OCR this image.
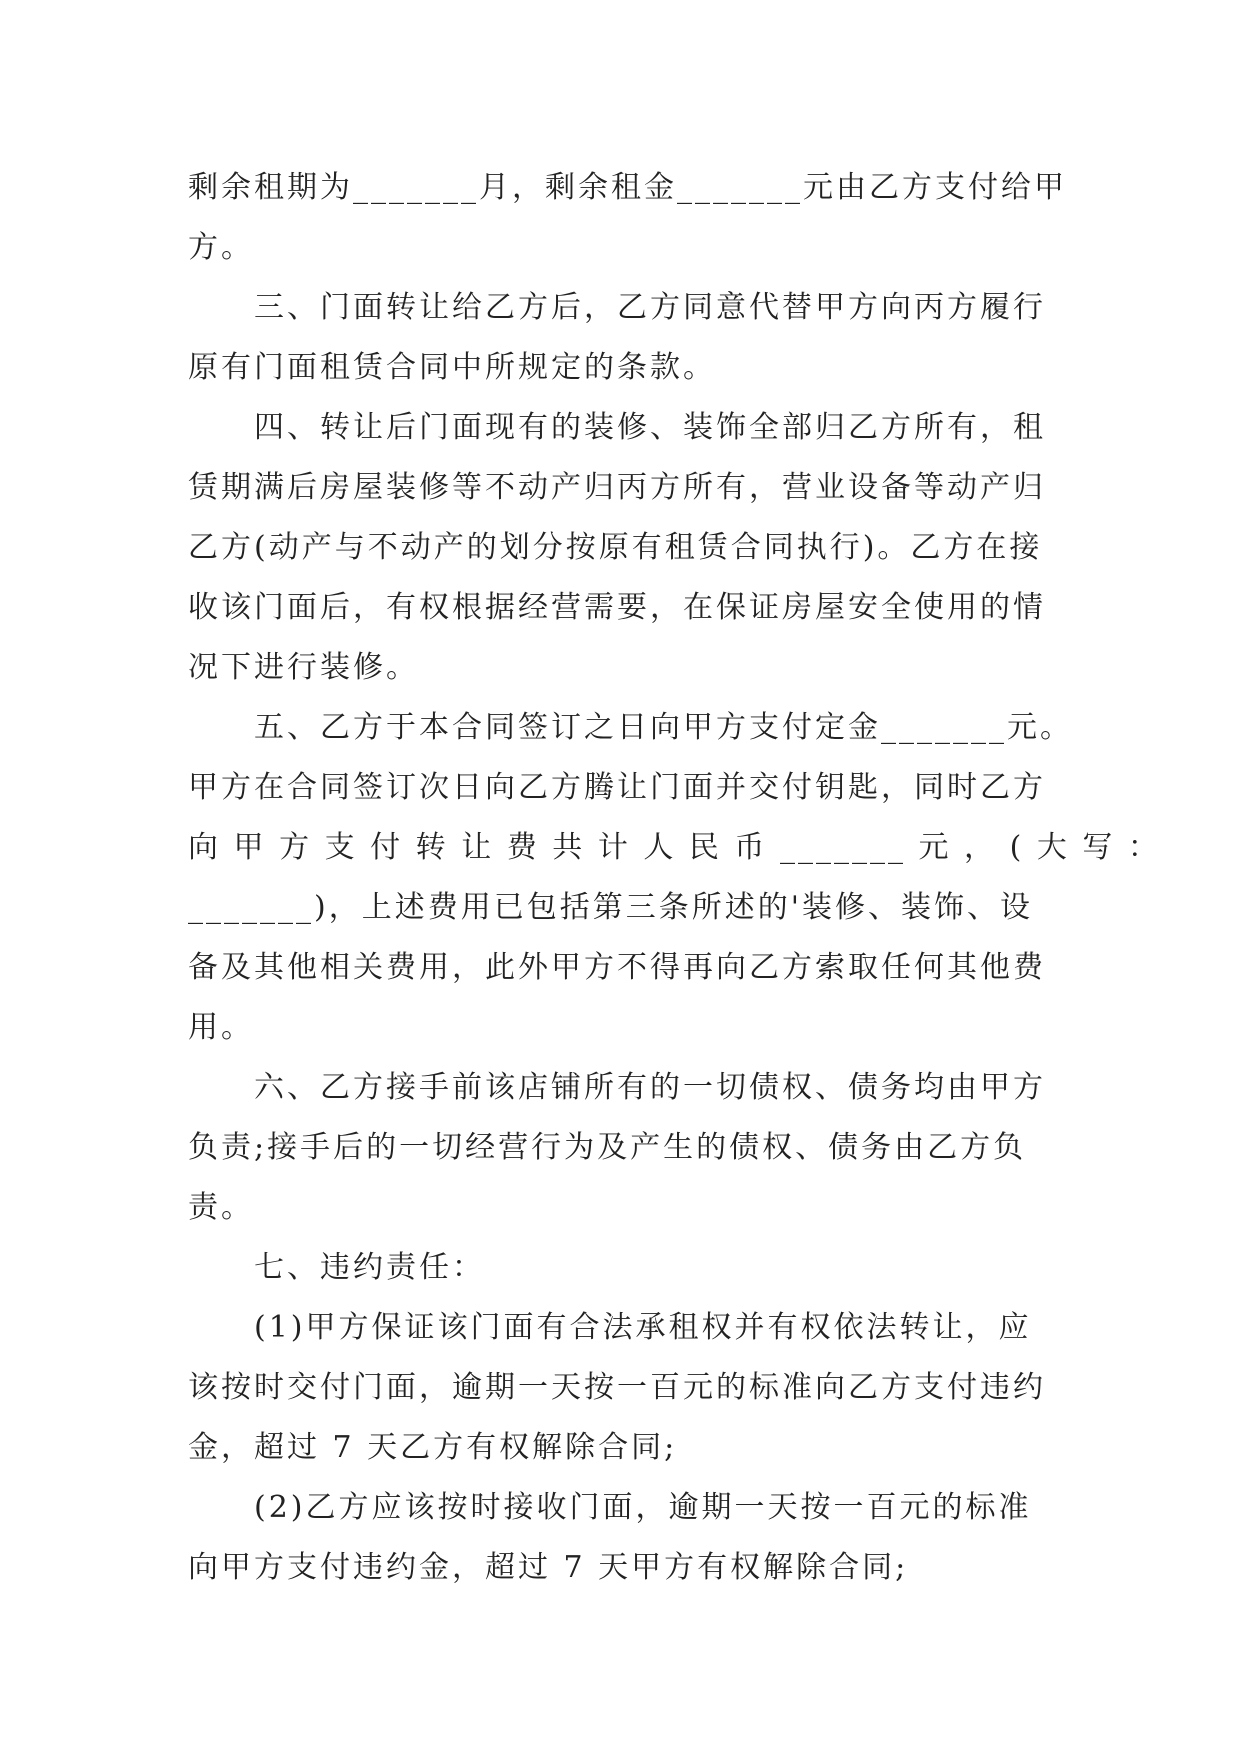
剩余租期为_______月，剩余租金_______元由乙方支付给甲
方。
三、门面转让给乙方后，乙方同意代替甲方向丙方履行
原有门面租赁合同中所规定的条款。
四、转让后门面现有的装修、装饰全部归乙方所有，租
赁期满后房屋装修等不动产归丙方所有，营业设备等动产归
乙方(动产与不动产的划分按原有租赁合同执行)。乙方在接
收该门面后，有权根据经营需要，在保证房屋安全使用的情
况下进行装修。
五、乙方于本合同签订之日向甲方支付定金_______元。
甲方在合同签订次日向乙方腾让门面并交付钥匙，同时乙方
向 甲 方 支 付 转 让 费 共 计 人 民 币 _______ 元 ， ( 大 写 ：
_______)，上述费用已包括第三条所述的'装修、装饰、设
备及其他相关费用，此外甲方不得再向乙方索取任何其他费
用。
六、乙方接手前该店铺所有的一切债权、债务均由甲方
负责;接手后的一切经营行为及产生的债权、债务由乙方负
责。
七、违约责任：
(1)甲方保证该门面有合法承租权并有权依法转让，应
该按时交付门面，逾期一天按一百元的标准向乙方支付违约
金，超过 7 天乙方有权解除合同;
(2)乙方应该按时接收门面，逾期一天按一百元的标准
向甲方支付违约金，超过 7 天甲方有权解除合同;
